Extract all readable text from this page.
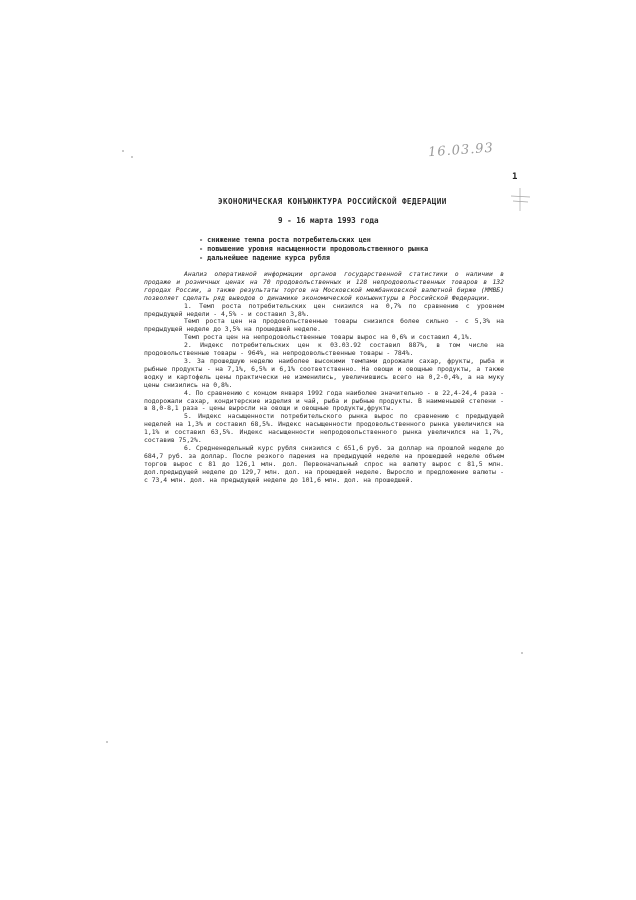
16.03.93
1
ЭКОНОМИЧЕСКАЯ КОНЪЮНКТУРА РОССИЙСКОЙ ФЕДЕРАЦИИ
9 - 16 марта 1993 года
- снижение темпа роста потребительских цен
- повышение уровня насыщенности продовольственного рынка
- дальнейшее падение курса рубля

Анализ оперативной информации органов государственной статистики о наличии в продаже и розничных ценах на 70 продовольственных и 128 непродовольственных товаров в 132 городах России, а также результаты торгов на Московской межбанковской валютной бирже (ММВБ) позволяет сделать ряд выводов о динамике экономической конъюнктуры в Российской Федерации.

1. Темп роста потребительских цен снизился на 0,7% по сравнению с уровнем предыдущей недели - 4,5% - и составил 3,8%.

Темп роста цен на продовольственные товары снизился более сильно - с 5,3% на предыдущей неделе до 3,5% на прошедшей неделе.

Темп роста цен на непродовольственные товары вырос на 0,6% и составил 4,1%.

2. Индекс потребительских цен к 03.03.92 составил 887%, в том числе на продовольственные товары - 964%, на непродовольственные товары - 784%.

3. За прошедшую неделю наиболее высокими темпами дорожали сахар, фрукты, рыба и рыбные продукты - на 7,1%, 6,5% и 6,1% соответственно. На овощи и овощные продукты, а также водку и картофель цены практически не изменились, увеличившись всего на 0,2-0,4%, а на муку цены снизились на 0,8%.

4. По сравнению с концом января 1992 года наиболее значительно - в 22,4-24,4 раза - подорожали сахар, кондитерские изделия и чай, рыба и рыбные продукты. В наименьшей степени - в 8,0-8,1 раза - цены выросли на овощи и овощные продукты,фрукты.

5. Индекс насыщенности потребительского рынка вырос по сравнению с предыдущей неделей на 1,3% и составил 68,5%. Индекс насыщенности продовольственного рынка увеличился на 1,1% и составил 63,5%. Индекс насыщенности непродовольственного рынка увеличился на 1,7%, составив 75,2%.

6. Средненедельный курс рубля снизился с 651,6 руб. за доллар на прошлой неделе до 684,7 руб. за доллар. После резкого падения на предыдущей неделе на прошедшей неделе объем торгов вырос с 81 до 126,1 млн. дол. Первоначальный спрос на валюту вырос с 81,5 млн. дол.предыдущей неделе до 129,7 млн. дол. на прошедшей неделе. Выросло и предложение валюты - с 73,4 млн. дол. на предыдущей неделе до 101,6 млн. дол. на прошедшей.
